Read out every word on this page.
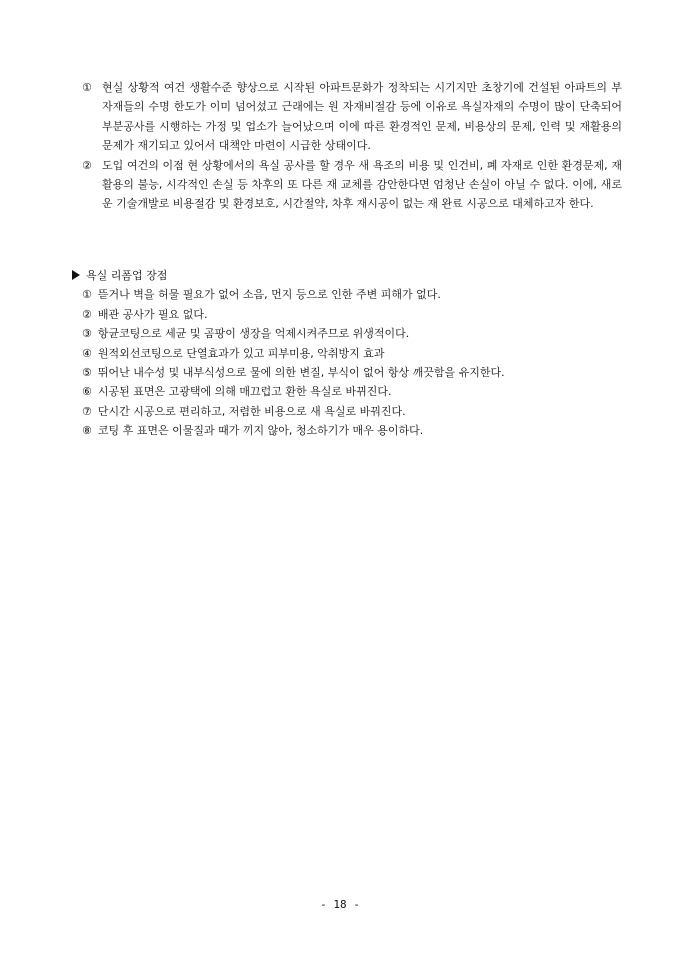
① 현실 상황적 여건 생활수준 향상으로 시작된 아파트문화가 정착되는 시기지만 초창기에 건설된 아파트의 부자재들의 수명 한도가 이미 넘어섰고 근래에는 원 자재비절감 등에 이유로 욕실자재의 수명이 많이 단축되어 부분공사를 시행하는 가정 및 업소가 늘어났으며 이에 따른 환경적인 문제, 비용상의 문제, 인력 및 재활용의 문제가 재기되고 있어서 대책안 마련이 시급한 상태이다.
② 도입 여건의 이점 현 상황에서의 욕실 공사를 할 경우 새 욕조의 비용 및 인건비, 폐 자재로 인한 환경문제, 재활용의 불능, 시각적인 손실 등 차후의 또 다른 재 교체를 감안한다면 엄청난 손실이 아닐 수 없다. 이에, 새로운 기술개발로 비용절감 및 환경보호, 시간절약, 차후 재시공이 없는 재 완료 시공으로 대체하고자 한다.
욕실 리폼업 장점
① 뜯거나 벽을 허물 필요가 없어 소음, 먼지 등으로 인한 주변 피해가 없다.
② 배관 공사가 필요 없다.
③ 항균코팅으로 세균 및 곰팡이 생장을 억제시켜주므로 위생적이다.
④ 원적외선코팅으로 단열효과가 있고 피부미용, 악취방지 효과
⑤ 뛰어난 내수성 및 내부식성으로 물에 의한 변질, 부식이 없어 항상 깨끗함을 유지한다.
⑥ 시공된 표면은 고광택에 의해 매끄럽고 환한 욕실로 바뀌진다.
⑦ 단시간 시공으로 편리하고, 저렴한 비용으로 새 욕실로 바꿔진다.
⑧ 코팅 후 표면은 이물질과 때가 끼지 않아, 청소하기가 매우 용이하다.
- 18 -
